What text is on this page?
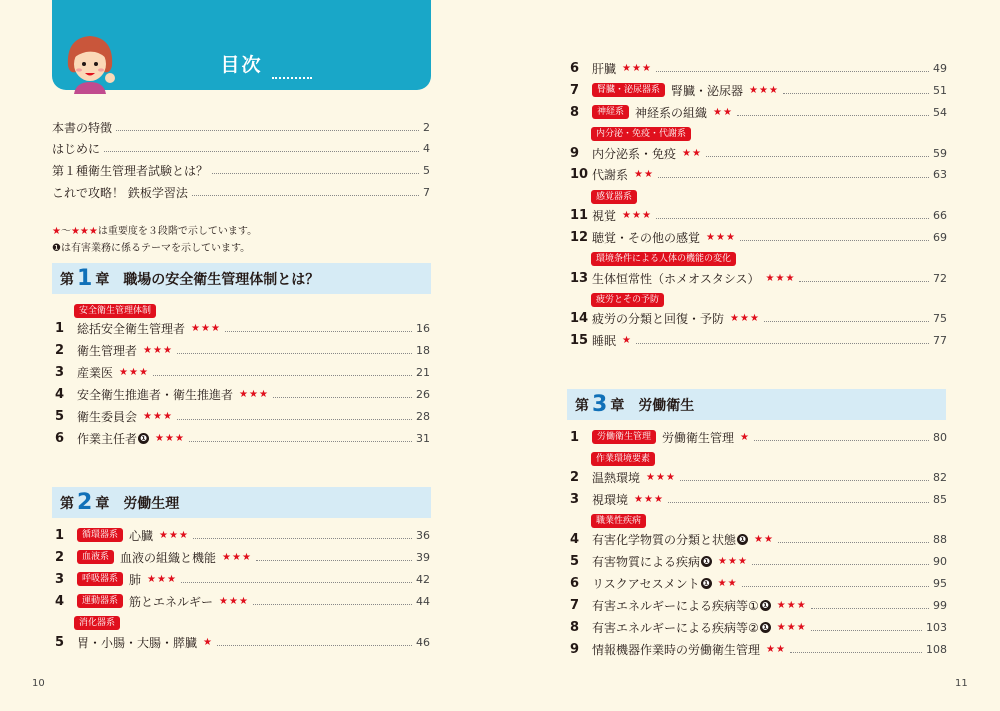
目次
本書の特徴	2
はじめに	4
第１種衛生管理者試験とは？	5
これで攻略！ 鉄板学習法	7
★～★★★は重要度を３段階で示しています。
❶は有害業務に係るテーマを示しています。
第 1 章 職場の安全衛生管理体制とは？
安全衛生管理体制
1	総括安全衛生管理者 ★★★	16
2	衛生管理者 ★★★	18
3	産業医 ★★★	21
4	安全衛生推進者・衛生推進者 ★★★	26
5	衛生委員会 ★★★	28
6	作業主任者 ❶ ★★★	31
第 2 章 労働生理
1	循環器系 心臓 ★★★	36
2	血液系 血液の組織と機能 ★★★	39
3	呼吸器系 肺 ★★★	42
4	運動器系 筋とエネルギー ★★★	44
消化器系
5	胃・小腸・大腸・膵臓 ★	46
10
6	肝臓 ★★★	49
7	腎臓・泌尿器系 腎臓・泌尿器 ★★★	51
8	神経系 神経系の組織 ★★	54
内分泌・免疫・代謝系
9	内分泌系・免疫 ★★	59
10 代謝系 ★★	63
感覚器系
11 視覚 ★★★	66
12 聴覚・その他の感覚 ★★★	69
環境条件による人体の機能の変化
13 生体恒常性（ホメオスタシス） ★★★	72
疲労とその予防
14 疲労の分類と回復・予防 ★★★	75
15 睡眠 ★	77
第 3 章 労働衛生
1	労働衛生管理 労働衛生管理 ★	80
作業環境要素
2	温熱環境 ★★★	82
3	視環境 ★★★	85
職業性疾病
4	有害化学物質の分類と状態 ❶ ★★	88
5	有害物質による疾病 ❶ ★★★	90
6	リスクアセスメント ❶ ★★	95
7	有害エネルギーによる疾病等① ❶ ★★★	99
8	有害エネルギーによる疾病等② ❶ ★★★	103
9	情報機器作業時の労働衛生管理 ★★	108
11
